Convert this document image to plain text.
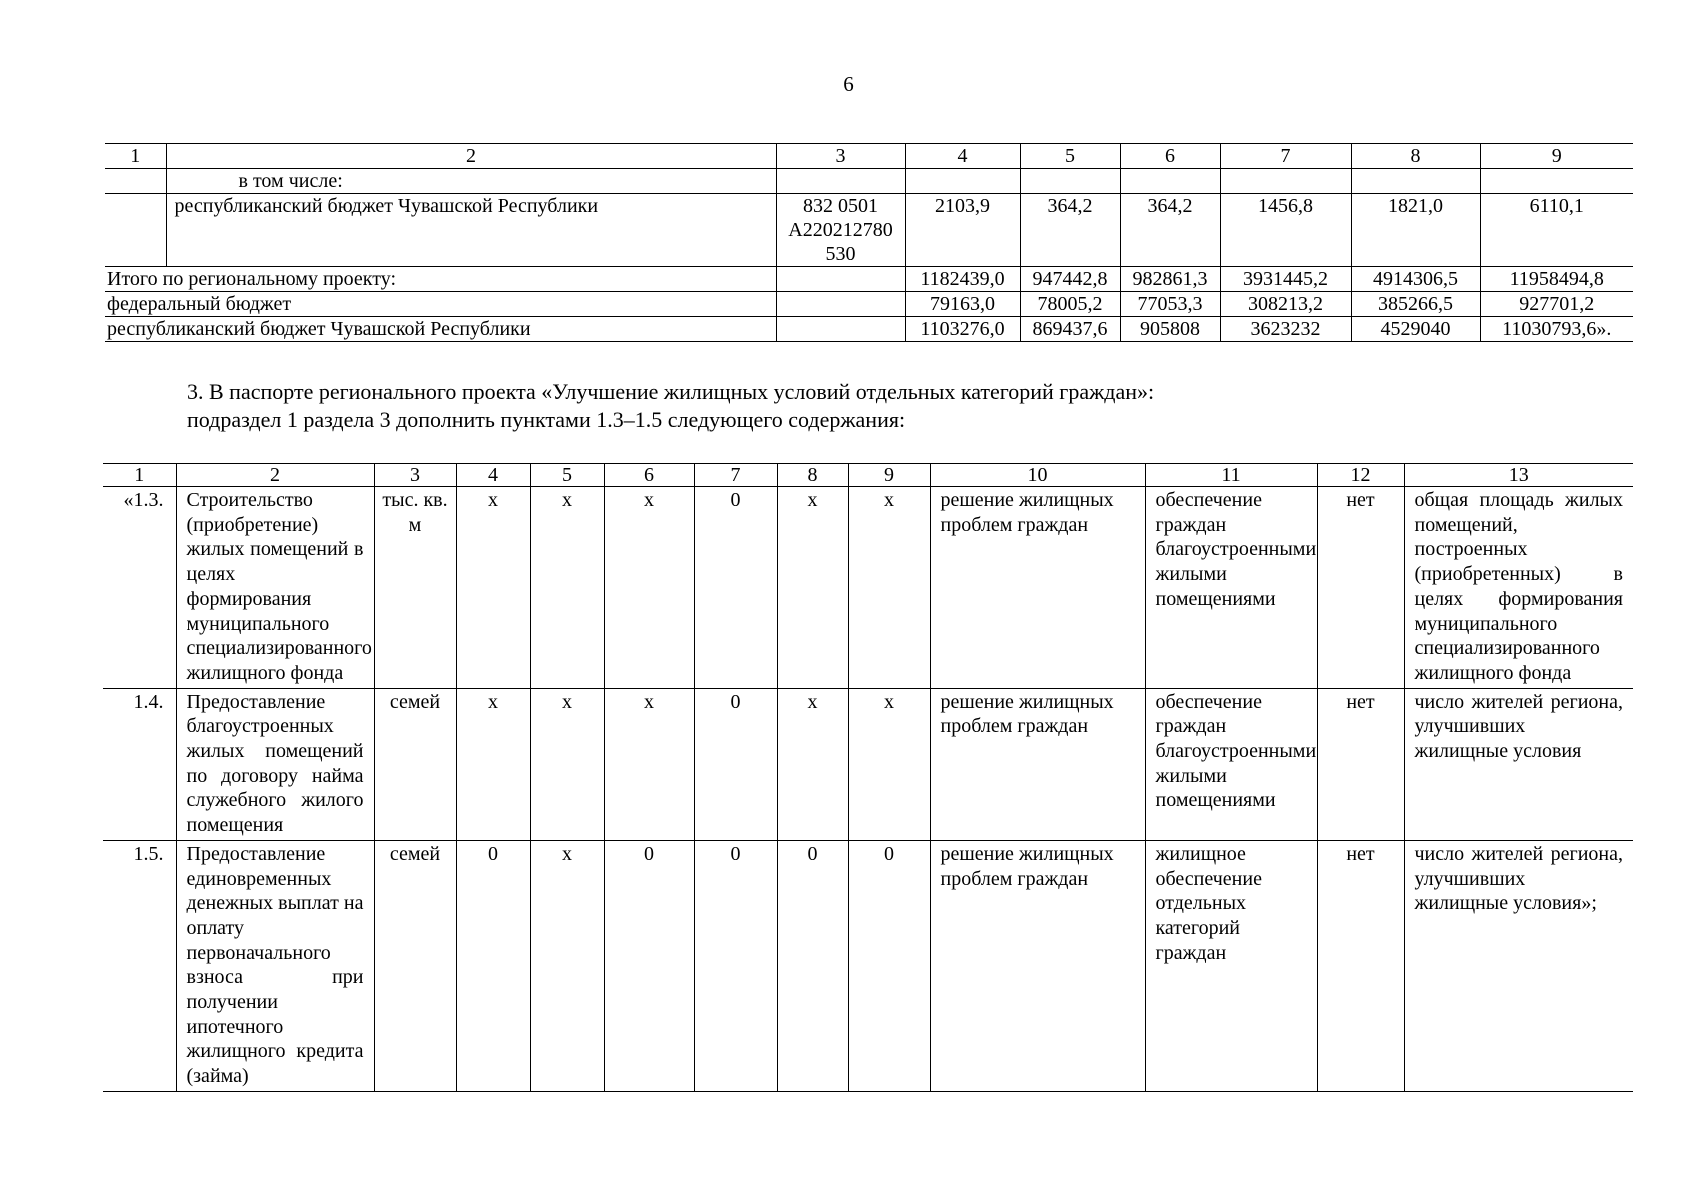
6
1	2	3	4	5	6	7	8	9
	в том числе:							
	республиканский бюджет Чувашской Республики	832 0501
А220212780
530	2103,9	364,2	364,2	1456,8	1821,0	6110,1
Итого по региональному проекту:			1182439,0	947442,8	982861,3	3931445,2	4914306,5	11958494,8
федеральный бюджет			79163,0	78005,2	77053,3	308213,2	385266,5	927701,2
республиканский бюджет Чувашской Республики			1103276,0	869437,6	905808	3623232	4529040	11030793,6».
3. В паспорте регионального проекта «Улучшение жилищных условий отдельных категорий граждан»:
подраздел 1 раздела 3 дополнить пунктами 1.3–1.5 следующего содержания:
1	2	3	4	5	6	7	8	9	10	11	12	13
«1.3.	Строительство (приобретение) жилых помещений в целях формирования муниципального специализированного жилищного фонда	тыс. кв. м	х	х	х	0	х	х	решение жилищных проблем граждан	обеспечение граждан благоустроенными жилыми помещениями	нет	общая площадь жилых помещений, построенных (приобретенных) в целях формирования муниципального специализированного жилищного фонда
1.4.	Предоставление благоустроенных жилых помещений по договору найма служебного жилого помещения	семей	х	х	х	0	х	х	решение жилищных проблем граждан	обеспечение граждан благоустроенными жилыми помещениями	нет	число жителей региона, улучшивших жилищные условия
1.5.	Предоставление единовременных денежных выплат на оплату первоначального взноса при получении ипотечного жилищного кредита (займа)	семей	0	х	0	0	0	0	решение жилищных проблем граждан	жилищное обеспечение отдельных категорий граждан	нет	число жителей региона, улучшивших жилищные условия»;
